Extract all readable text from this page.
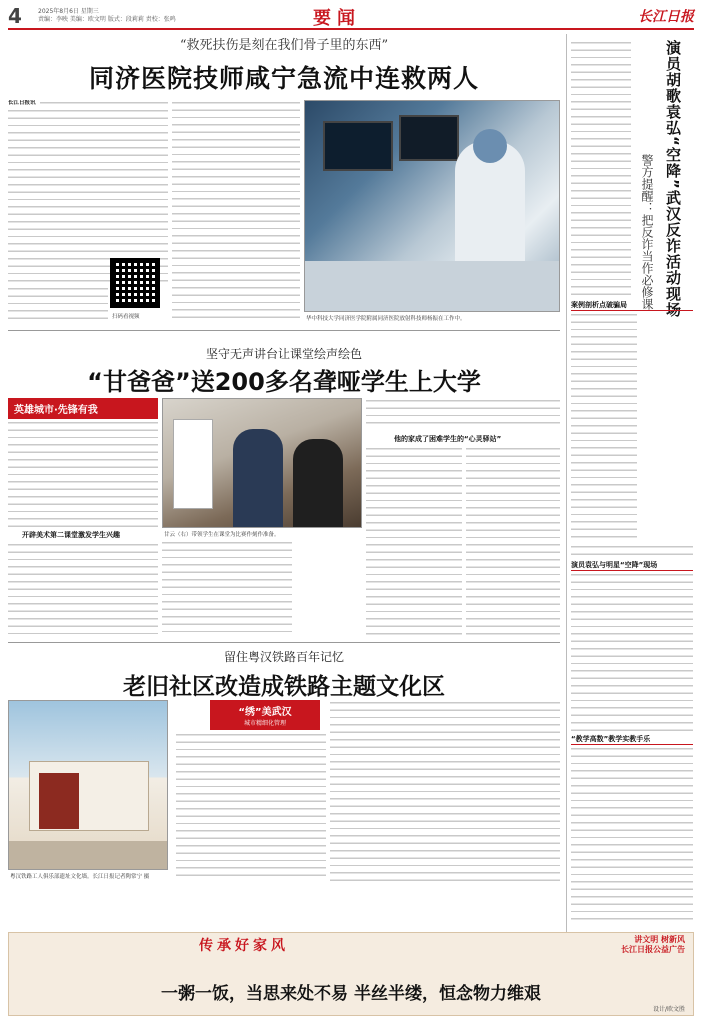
4	2025年8月6日 星期三
责编：李映 美编：欧文明 版式：段莉莉 责校：张鸣	要闻	长江日报
“救死扶伤是刻在我们骨子里的东西”
同济医院技师咸宁急流中连救两人
长江日报讯
扫码看视频	华中科技大学同济医学院附属同济医院放射科技师杨振在工作中。
坚守无声讲台让课堂绘声绘色
“甘爸爸”送200多名聋哑学生上大学
英雄城市·先锋有我
开辟美术第二课堂激发学生兴趣	甘云（右）带领学生在课堂为比赛作刻作准备。
他的家成了困难学生的“心灵驿站”
留住粤汉铁路百年记忆
老旧社区改造成铁路主题文化区
粤汉铁路工人俱乐部遗址文化墙。长江日报记者陶常宁 摄
“绣”美武汉
城市精细化管理
演员胡歌袁弘“空降”武汉反诈活动现场
警方提醒：把反诈当作必修课
案例剖析点破骗局
演员袁弘与明星“空降”现场
“教学高数”教学实教手乐
传承好家风	讲文明 树新风
长江日报公益广告
一粥一饭，当思来处不易 半丝半缕，恒念物力维艰
设计/欧文胜
